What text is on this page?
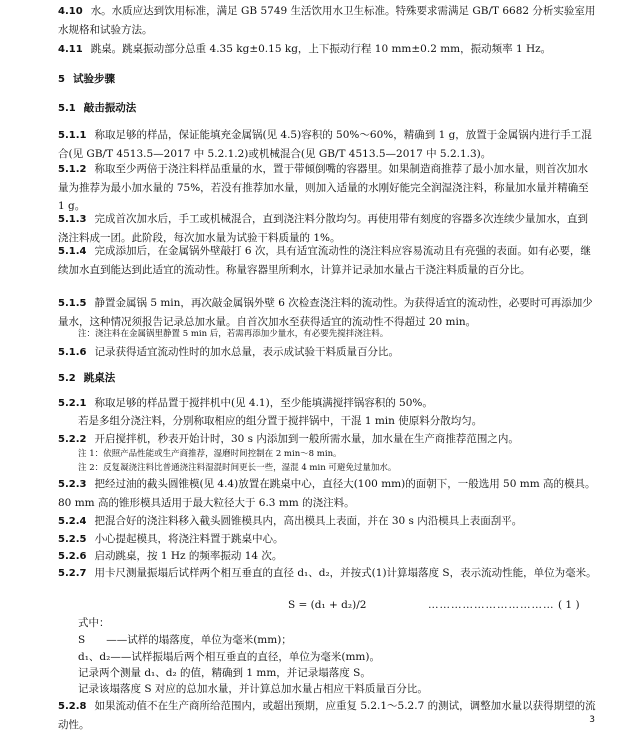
4.10 水。水质应达到饮用标准，满足 GB 5749 生活饮用水卫生标准。特殊要求需满足 GB/T 6682 分析实验室用水规格和试验方法。
4.11 跳桌。跳桌振动部分总重 4.35 kg±0.15 kg，上下振动行程 10 mm±0.2 mm，振动频率 1 Hz。
5 试验步骤
5.1 敲击振动法
5.1.1 称取足够的样品，保证能填充金属锅(见 4.5)容积的 50%～60%，精确到 1 g，放置于金属锅内进行手工混合(见 GB/T 4513.5—2017 中 5.2.1.2)或机械混合(见 GB/T 4513.5—2017 中 5.2.1.3)。
5.1.2 称取至少两倍于浇注料样品重量的水，置于带倾倒嘴的容器里。如果制造商推荐了最小加水量，则首次加水量为推荐为最小加水量的 75%，若没有推荐加水量，则加入适量的水刚好能完全润湿浇注料，称量加水量并精确至 1 g。
5.1.3 完成首次加水后，手工或机械混合，直到浇注料分散均匀。再使用带有刻度的容器多次连续少量加水，直到浇注料成一团。此阶段，每次加水量为试验干料质量的 1%。
5.1.4 完成添加后，在金属锅外壁敲打 6 次，具有适宜流动性的浇注料应容易流动且有亮强的表面。如有必要，继续加水直到能达到此适宜的流动性。称量容器里所剩水，计算并记录加水量占干浇注料质量的百分比。
5.1.5 静置金属锅 5 min，再次敲金属锅外壁 6 次检查浇注料的流动性。为获得适宜的流动性，必要时可再添加少量水，这种情况须报告记录总加水量。自首次加水至获得适宜的流动性不得超过 20 min。
注：浇注料在金属锅里静置 5 min 后，若需再添加少量水，有必要先搅拌浇注料。
5.1.6 记录获得适宜流动性时的加水总量，表示成试验干料质量百分比。
5.2 跳桌法
5.2.1 称取足够的样品置于搅拌机中(见 4.1)，至少能填满搅拌锅容积的 50%。
若是多组分浇注料，分别称取相应的组分置于搅拌锅中，干混 1 min 使原料分散均匀。
5.2.2 开启搅拌机，秒表开始计时，30 s 内添加到一般所需水量，加水量在生产商推荐范围之内。
注 1：依照产品性能或生产商推荐，湿磨时间控制在 2 min～8 min。
注 2：反复凝浇注料比普通浇注料湿混时间更长一些，湿混 4 min 可避免过量加水。
5.2.3 把经过油的截头圆锥模(见 4.4)放置在跳桌中心，直径大(100 mm)的面朝下，一般选用 50 mm 高的模具。80 mm 高的锥形模具适用于最大粒径大于 6.3 mm 的浇注料。
5.2.4 把混合好的浇注料移入截头圆锥模具内，高出模具上表面，并在 30 s 内沿模具上表面刮平。
5.2.5 小心提起模具，将浇注料置于跳桌中心。
5.2.6 启动跳桌，按 1 Hz 的频率振动 14 次。
5.2.7 用卡尺测量振塌后试样两个相互垂直的直径 d₁、d₂，并按式(1)计算塌落度 S，表示流动性能，单位为毫米。
S = (d₁ + d₂)/2	…………………………… ( 1 )
式中：
S　　——试样的塌落度，单位为毫米(mm)；
d₁、d₂——试样振塌后两个相互垂直的直径，单位为毫米(mm)。
记录两个测量 d₁、d₂ 的值，精确到 1 mm，并记录塌落度 S。
记录该塌落度 S 对应的总加水量，并计算总加水量占相应干料质量百分比。
5.2.8 如果流动值不在生产商所给范围内，或超出预期，应重复 5.2.1～5.2.7 的测试，调整加水量以获得期望的流动性。	3
